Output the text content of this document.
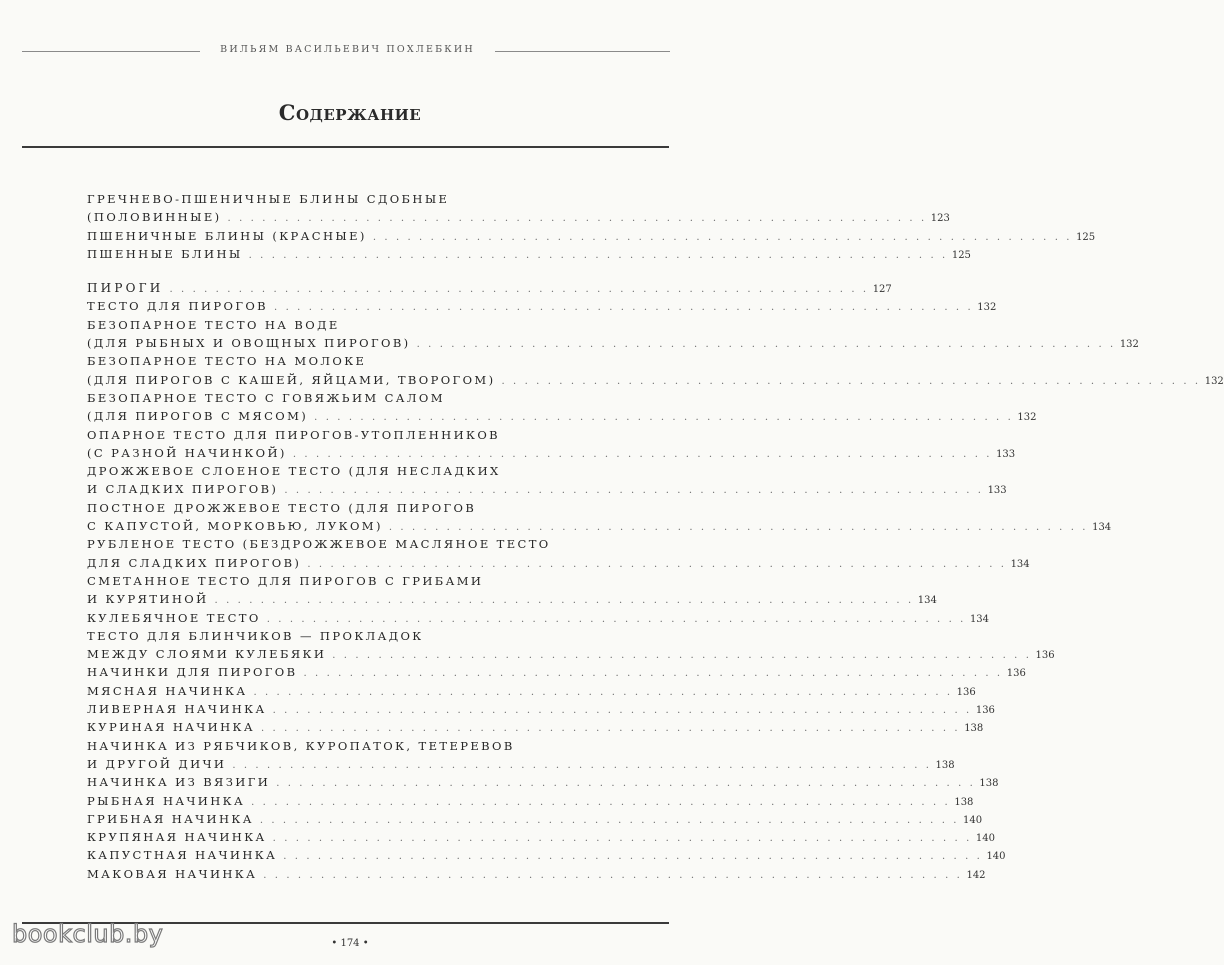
ВИЛЬЯМ ВАСИЛЬЕВИЧ ПОХЛЕБКИН
Содержание
ГРЕЧНЕВО-ПШЕНИЧНЫЕ БЛИНЫ СДОБНЫЕ
(ПОЛОВИННЫЕ) . . . . . . . . . . . . . . . . . . . . . . . . . . . . . . . . . . . . . . . . . . . . . . . . . . . . . . . . . . . . . 123
ПШЕНИЧНЫЕ БЛИНЫ (КРАСНЫЕ) . . . . . . . . . . . . . . . . . . . . . . . . . . . . . . . . . . . . . . . . . . . . . . . . . . . . . . . . . . . . . 125
ПШЕННЫЕ БЛИНЫ . . . . . . . . . . . . . . . . . . . . . . . . . . . . . . . . . . . . . . . . . . . . . . . . . . . . . . . . . . . . . 125
ПИРОГИ . . . . . . . . . . . . . . . . . . . . . . . . . . . . . . . . . . . . . . . . . . . . . . . . . . . . . . . . . . . . . 127
ТЕСТО ДЛЯ ПИРОГОВ . . . . . . . . . . . . . . . . . . . . . . . . . . . . . . . . . . . . . . . . . . . . . . . . . . . . . . . . . . . . . 132
БЕЗОПАРНОЕ ТЕСТО НА ВОДЕ
(ДЛЯ РЫБНЫХ И ОВОЩНЫХ ПИРОГОВ) . . . . . . . . . . . . . . . . . . . . . . . . . . . . . . . . . . . . . . . . . . . . . . . . . . . . . . . . . . . . . 132
БЕЗОПАРНОЕ ТЕСТО НА МОЛОКЕ
(ДЛЯ ПИРОГОВ С КАШЕЙ, ЯЙЦАМИ, ТВОРОГОМ) . . . . . . . . . . . . . . . . . . . . . . . . . . . . . . . . . . . . . . . . . . . . . . . . . . . . . . . . . . . . . 132
БЕЗОПАРНОЕ ТЕСТО С ГОВЯЖЬИМ САЛОМ
(ДЛЯ ПИРОГОВ С МЯСОМ) . . . . . . . . . . . . . . . . . . . . . . . . . . . . . . . . . . . . . . . . . . . . . . . . . . . . . . . . . . . . . 132
ОПАРНОЕ ТЕСТО ДЛЯ ПИРОГОВ-УТОПЛЕННИКОВ
(С РАЗНОЙ НАЧИНКОЙ) . . . . . . . . . . . . . . . . . . . . . . . . . . . . . . . . . . . . . . . . . . . . . . . . . . . . . . . . . . . . . 133
ДРОЖЖЕВОЕ СЛОЕНОЕ ТЕСТО (ДЛЯ НЕСЛАДКИХ
И СЛАДКИХ ПИРОГОВ) . . . . . . . . . . . . . . . . . . . . . . . . . . . . . . . . . . . . . . . . . . . . . . . . . . . . . . . . . . . . . 133
ПОСТНОЕ ДРОЖЖЕВОЕ ТЕСТО (ДЛЯ ПИРОГОВ
С КАПУСТОЙ, МОРКОВЬЮ, ЛУКОМ) . . . . . . . . . . . . . . . . . . . . . . . . . . . . . . . . . . . . . . . . . . . . . . . . . . . . . . . . . . . . . 134
РУБЛЕНОЕ ТЕСТО (БЕЗДРОЖЖЕВОЕ МАСЛЯНОЕ ТЕСТО
ДЛЯ СЛАДКИХ ПИРОГОВ) . . . . . . . . . . . . . . . . . . . . . . . . . . . . . . . . . . . . . . . . . . . . . . . . . . . . . . . . . . . . . 134
СМЕТАННОЕ ТЕСТО ДЛЯ ПИРОГОВ С ГРИБАМИ
И КУРЯТИНОЙ . . . . . . . . . . . . . . . . . . . . . . . . . . . . . . . . . . . . . . . . . . . . . . . . . . . . . . . . . . . . . 134
КУЛЕБЯЧНОЕ ТЕСТО . . . . . . . . . . . . . . . . . . . . . . . . . . . . . . . . . . . . . . . . . . . . . . . . . . . . . . . . . . . . . 134
ТЕСТО ДЛЯ БЛИНЧИКОВ — ПРОКЛАДОК
МЕЖДУ СЛОЯМИ КУЛЕБЯКИ . . . . . . . . . . . . . . . . . . . . . . . . . . . . . . . . . . . . . . . . . . . . . . . . . . . . . . . . . . . . . 136
НАЧИНКИ ДЛЯ ПИРОГОВ . . . . . . . . . . . . . . . . . . . . . . . . . . . . . . . . . . . . . . . . . . . . . . . . . . . . . . . . . . . . . 136
МЯСНАЯ НАЧИНКА . . . . . . . . . . . . . . . . . . . . . . . . . . . . . . . . . . . . . . . . . . . . . . . . . . . . . . . . . . . . . 136
ЛИВЕРНАЯ НАЧИНКА . . . . . . . . . . . . . . . . . . . . . . . . . . . . . . . . . . . . . . . . . . . . . . . . . . . . . . . . . . . . . 136
КУРИНАЯ НАЧИНКА . . . . . . . . . . . . . . . . . . . . . . . . . . . . . . . . . . . . . . . . . . . . . . . . . . . . . . . . . . . . . 138
НАЧИНКА ИЗ РЯБЧИКОВ, КУРОПАТОК, ТЕТЕРЕВОВ
И ДРУГОЙ ДИЧИ . . . . . . . . . . . . . . . . . . . . . . . . . . . . . . . . . . . . . . . . . . . . . . . . . . . . . . . . . . . . . 138
НАЧИНКА ИЗ ВЯЗИГИ . . . . . . . . . . . . . . . . . . . . . . . . . . . . . . . . . . . . . . . . . . . . . . . . . . . . . . . . . . . . . 138
РЫБНАЯ НАЧИНКА . . . . . . . . . . . . . . . . . . . . . . . . . . . . . . . . . . . . . . . . . . . . . . . . . . . . . . . . . . . . . 138
ГРИБНАЯ НАЧИНКА . . . . . . . . . . . . . . . . . . . . . . . . . . . . . . . . . . . . . . . . . . . . . . . . . . . . . . . . . . . . . 140
КРУПЯНАЯ НАЧИНКА . . . . . . . . . . . . . . . . . . . . . . . . . . . . . . . . . . . . . . . . . . . . . . . . . . . . . . . . . . . . . 140
КАПУСТНАЯ НАЧИНКА . . . . . . . . . . . . . . . . . . . . . . . . . . . . . . . . . . . . . . . . . . . . . . . . . . . . . . . . . . . . . 140
МАКОВАЯ НАЧИНКА . . . . . . . . . . . . . . . . . . . . . . . . . . . . . . . . . . . . . . . . . . . . . . . . . . . . . . . . . . . . . 142
• 174 •
bookclub.by
